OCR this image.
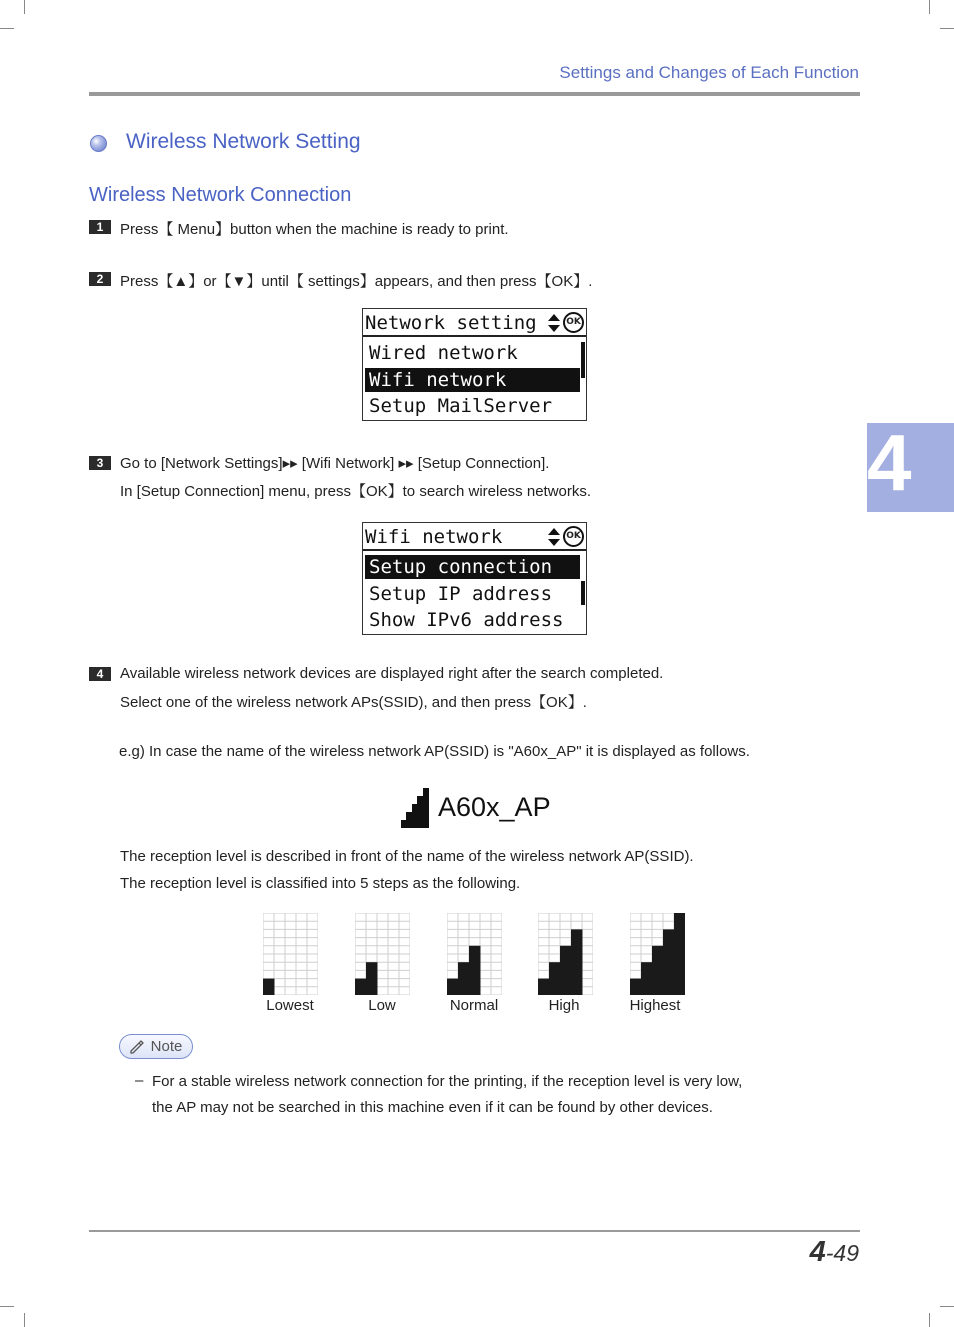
Settings and Changes of Each Function
Wireless Network Setting
Wireless Network Connection
1	Press【 Menu】button when the machine is ready to print.
2	Press【▲】or【▼】until【 settings】appears, and then press【OK】.
Network setting	OK
Wired network
Wifi network
Setup MailServer
3	Go to [Network Settings]▸▸ [Wifi Network] ▸▸ [Setup Connection].
In [Setup Connection] menu, press【OK】to search wireless networks.
Wifi network	OK
Setup connection
Setup IP address
Show IPv6 address
4	Available wireless network devices are displayed right after the search completed.
Select one of the wireless network APs(SSID), and then press【OK】.
e.g) In case the name of the wireless network AP(SSID) is "A60x_AP" it is displayed as follows.
A60x_AP
The reception level is described in front of the name of the wireless network AP(SSID).
The reception level is classified into 5 steps as the following.
Lowest	Low	Normal	High	Highest
Note
– For a stable wireless network connection for the printing, if the reception level is very low,
the AP may not be searched in this machine even if it can be found by other devices.
4
4-49
